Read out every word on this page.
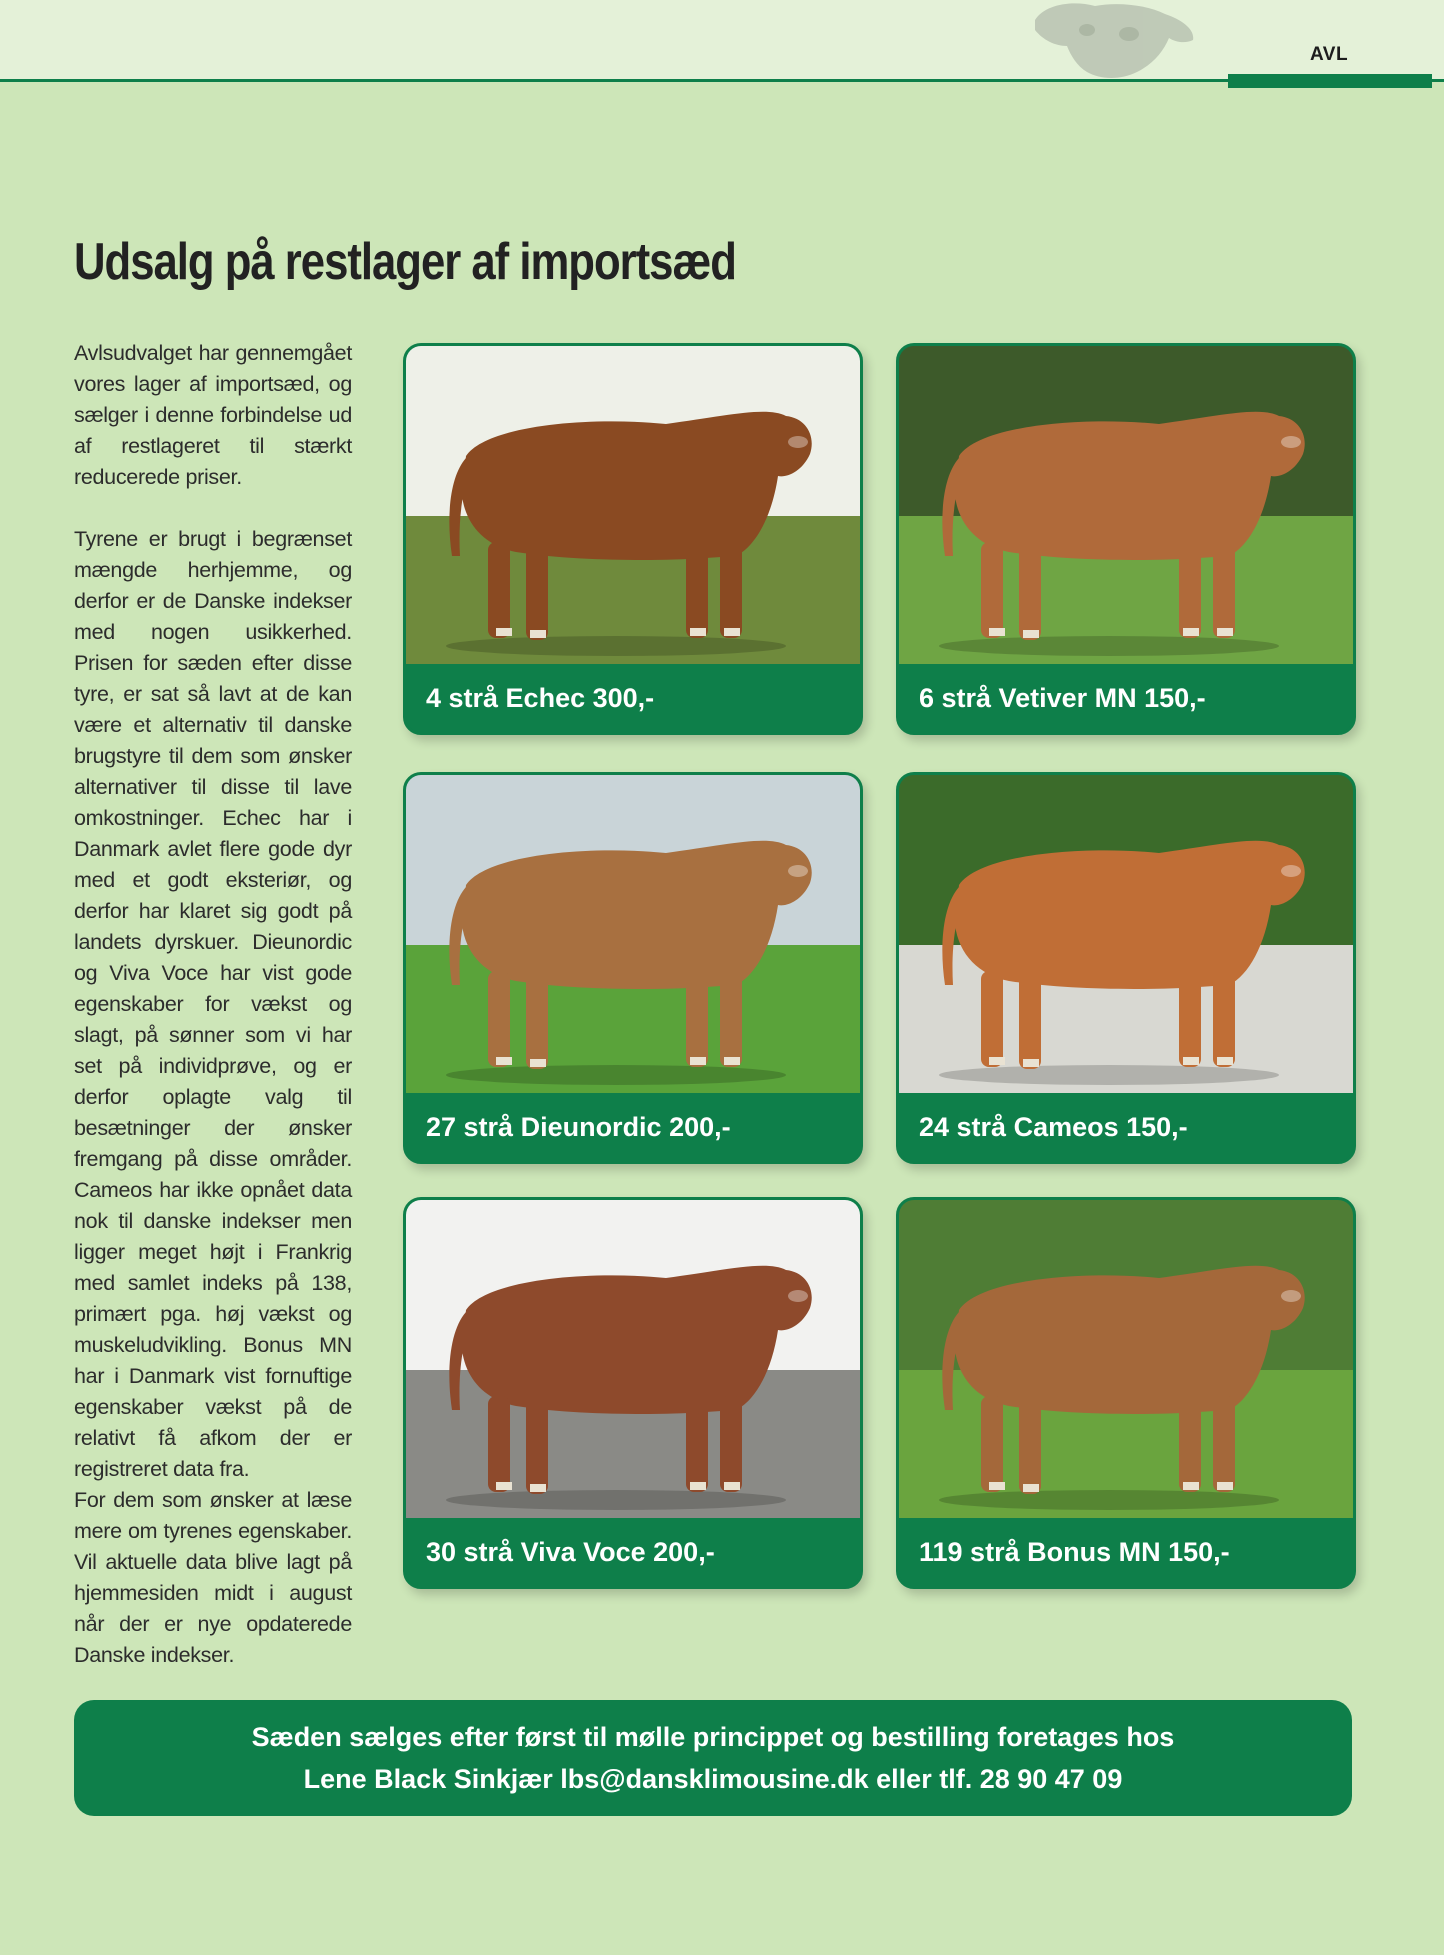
AVL
Udsalg på restlager af importsæd

Avlsudvalget har gennemgået vores lager af importsæd, og sælger i denne forbindelse ud af restlageret til stærkt reducerede priser.

Tyrene er brugt i begrænset mængde herhjemme, og derfor er de Danske indekser med nogen usikkerhed. Prisen for sæden efter disse tyre, er sat så lavt at de kan være et alternativ til danske brugstyre til dem som ønsker alternativer til disse til lave omkostninger. Echec har i Danmark avlet flere gode dyr med et godt eksteriør, og derfor har klaret sig godt på landets dyrskuer. Dieunordic og Viva Voce har vist gode egenskaber for vækst og slagt, på sønner som vi har set på individprøve, og er derfor oplagte valg til besætninger der ønsker fremgang på disse områder. Cameos har ikke opnået data nok til danske indekser men ligger meget højt i Frankrig med samlet indeks på 138, primært pga. høj vækst og muskeludvikling. Bonus MN har i Danmark vist fornuftige egenskaber vækst på de relativt få afkom der er registreret data fra.

For dem som ønsker at læse mere om tyrenes egenskaber. Vil aktuelle data blive lagt på hjemmesiden midt i august når der er nye opdaterede Danske indekser.

4 strå Echec 300,-	6 strå Vetiver MN 150,-
27 strå Dieunordic 200,-	24 strå Cameos 150,-
30 strå Viva Voce 200,-	119 strå Bonus MN 150,-
Sæden sælges efter først til mølle princippet og bestilling foretages hos
Lene Black Sinkjær lbs@dansklimousine.dk eller tlf. 28 90 47 09
